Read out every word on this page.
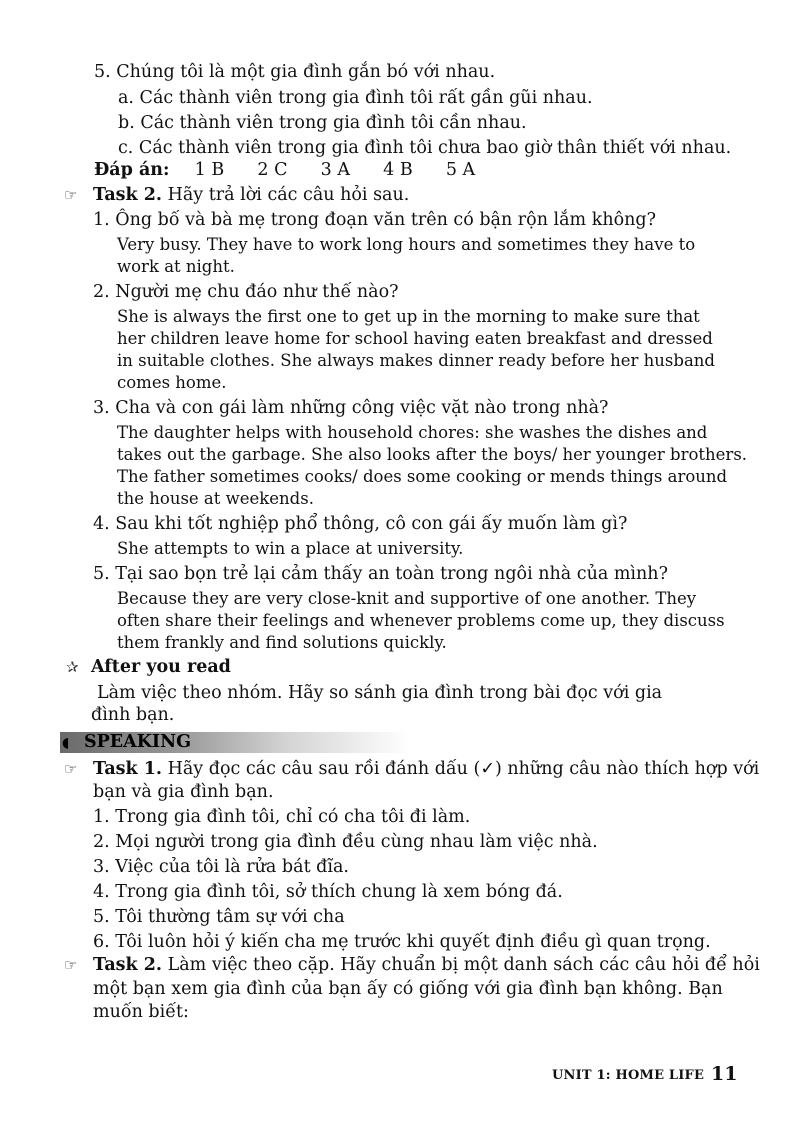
5. Chúng tôi là một gia đình gắn bó với nhau.
a. Các thành viên trong gia đình tôi rất gần gũi nhau.
b. Các thành viên trong gia đình tôi cần nhau.
c. Các thành viên trong gia đình tôi chưa bao giờ thân thiết với nhau.
Đáp án: 1 B 2 C 3 A 4 B 5 A
☞ Task 2. Hãy trả lời các câu hỏi sau.
1. Ông bố và bà mẹ trong đoạn văn trên có bận rộn lắm không?
Very busy. They have to work long hours and sometimes they have to
work at night.
2. Người mẹ chu đáo như thế nào?
She is always the first one to get up in the morning to make sure that
her children leave home for school having eaten breakfast and dressed
in suitable clothes. She always makes dinner ready before her husband
comes home.
3. Cha và con gái làm những công việc vặt nào trong nhà?
The daughter helps with household chores: she washes the dishes and
takes out the garbage. She also looks after the boys/ her younger brothers.
The father sometimes cooks/ does some cooking or mends things around
the house at weekends.
4. Sau khi tốt nghiệp phổ thông, cô con gái ấy muốn làm gì?
She attempts to win a place at university.
5. Tại sao bọn trẻ lại cảm thấy an toàn trong ngôi nhà của mình?
Because they are very close-knit and supportive of one another. They
often share their feelings and whenever problems come up, they discuss
them frankly and find solutions quickly.
✰ After you read
Làm việc theo nhóm. Hãy so sánh gia đình trong bài đọc với gia
đình bạn.
◖ SPEAKING
☞ Task 1. Hãy đọc các câu sau rồi đánh dấu (✓) những câu nào thích hợp với
bạn và gia đình bạn.
1. Trong gia đình tôi, chỉ có cha tôi đi làm.
2. Mọi người trong gia đình đều cùng nhau làm việc nhà.
3. Việc của tôi là rửa bát đĩa.
4. Trong gia đình tôi, sở thích chung là xem bóng đá.
5. Tôi thường tâm sự với cha
6. Tôi luôn hỏi ý kiến cha mẹ trước khi quyết định điều gì quan trọng.
☞ Task 2. Làm việc theo cặp. Hãy chuẩn bị một danh sách các câu hỏi để hỏi
một bạn xem gia đình của bạn ấy có giống với gia đình bạn không. Bạn
muốn biết:
UNIT 1: HOME LIFE 11
